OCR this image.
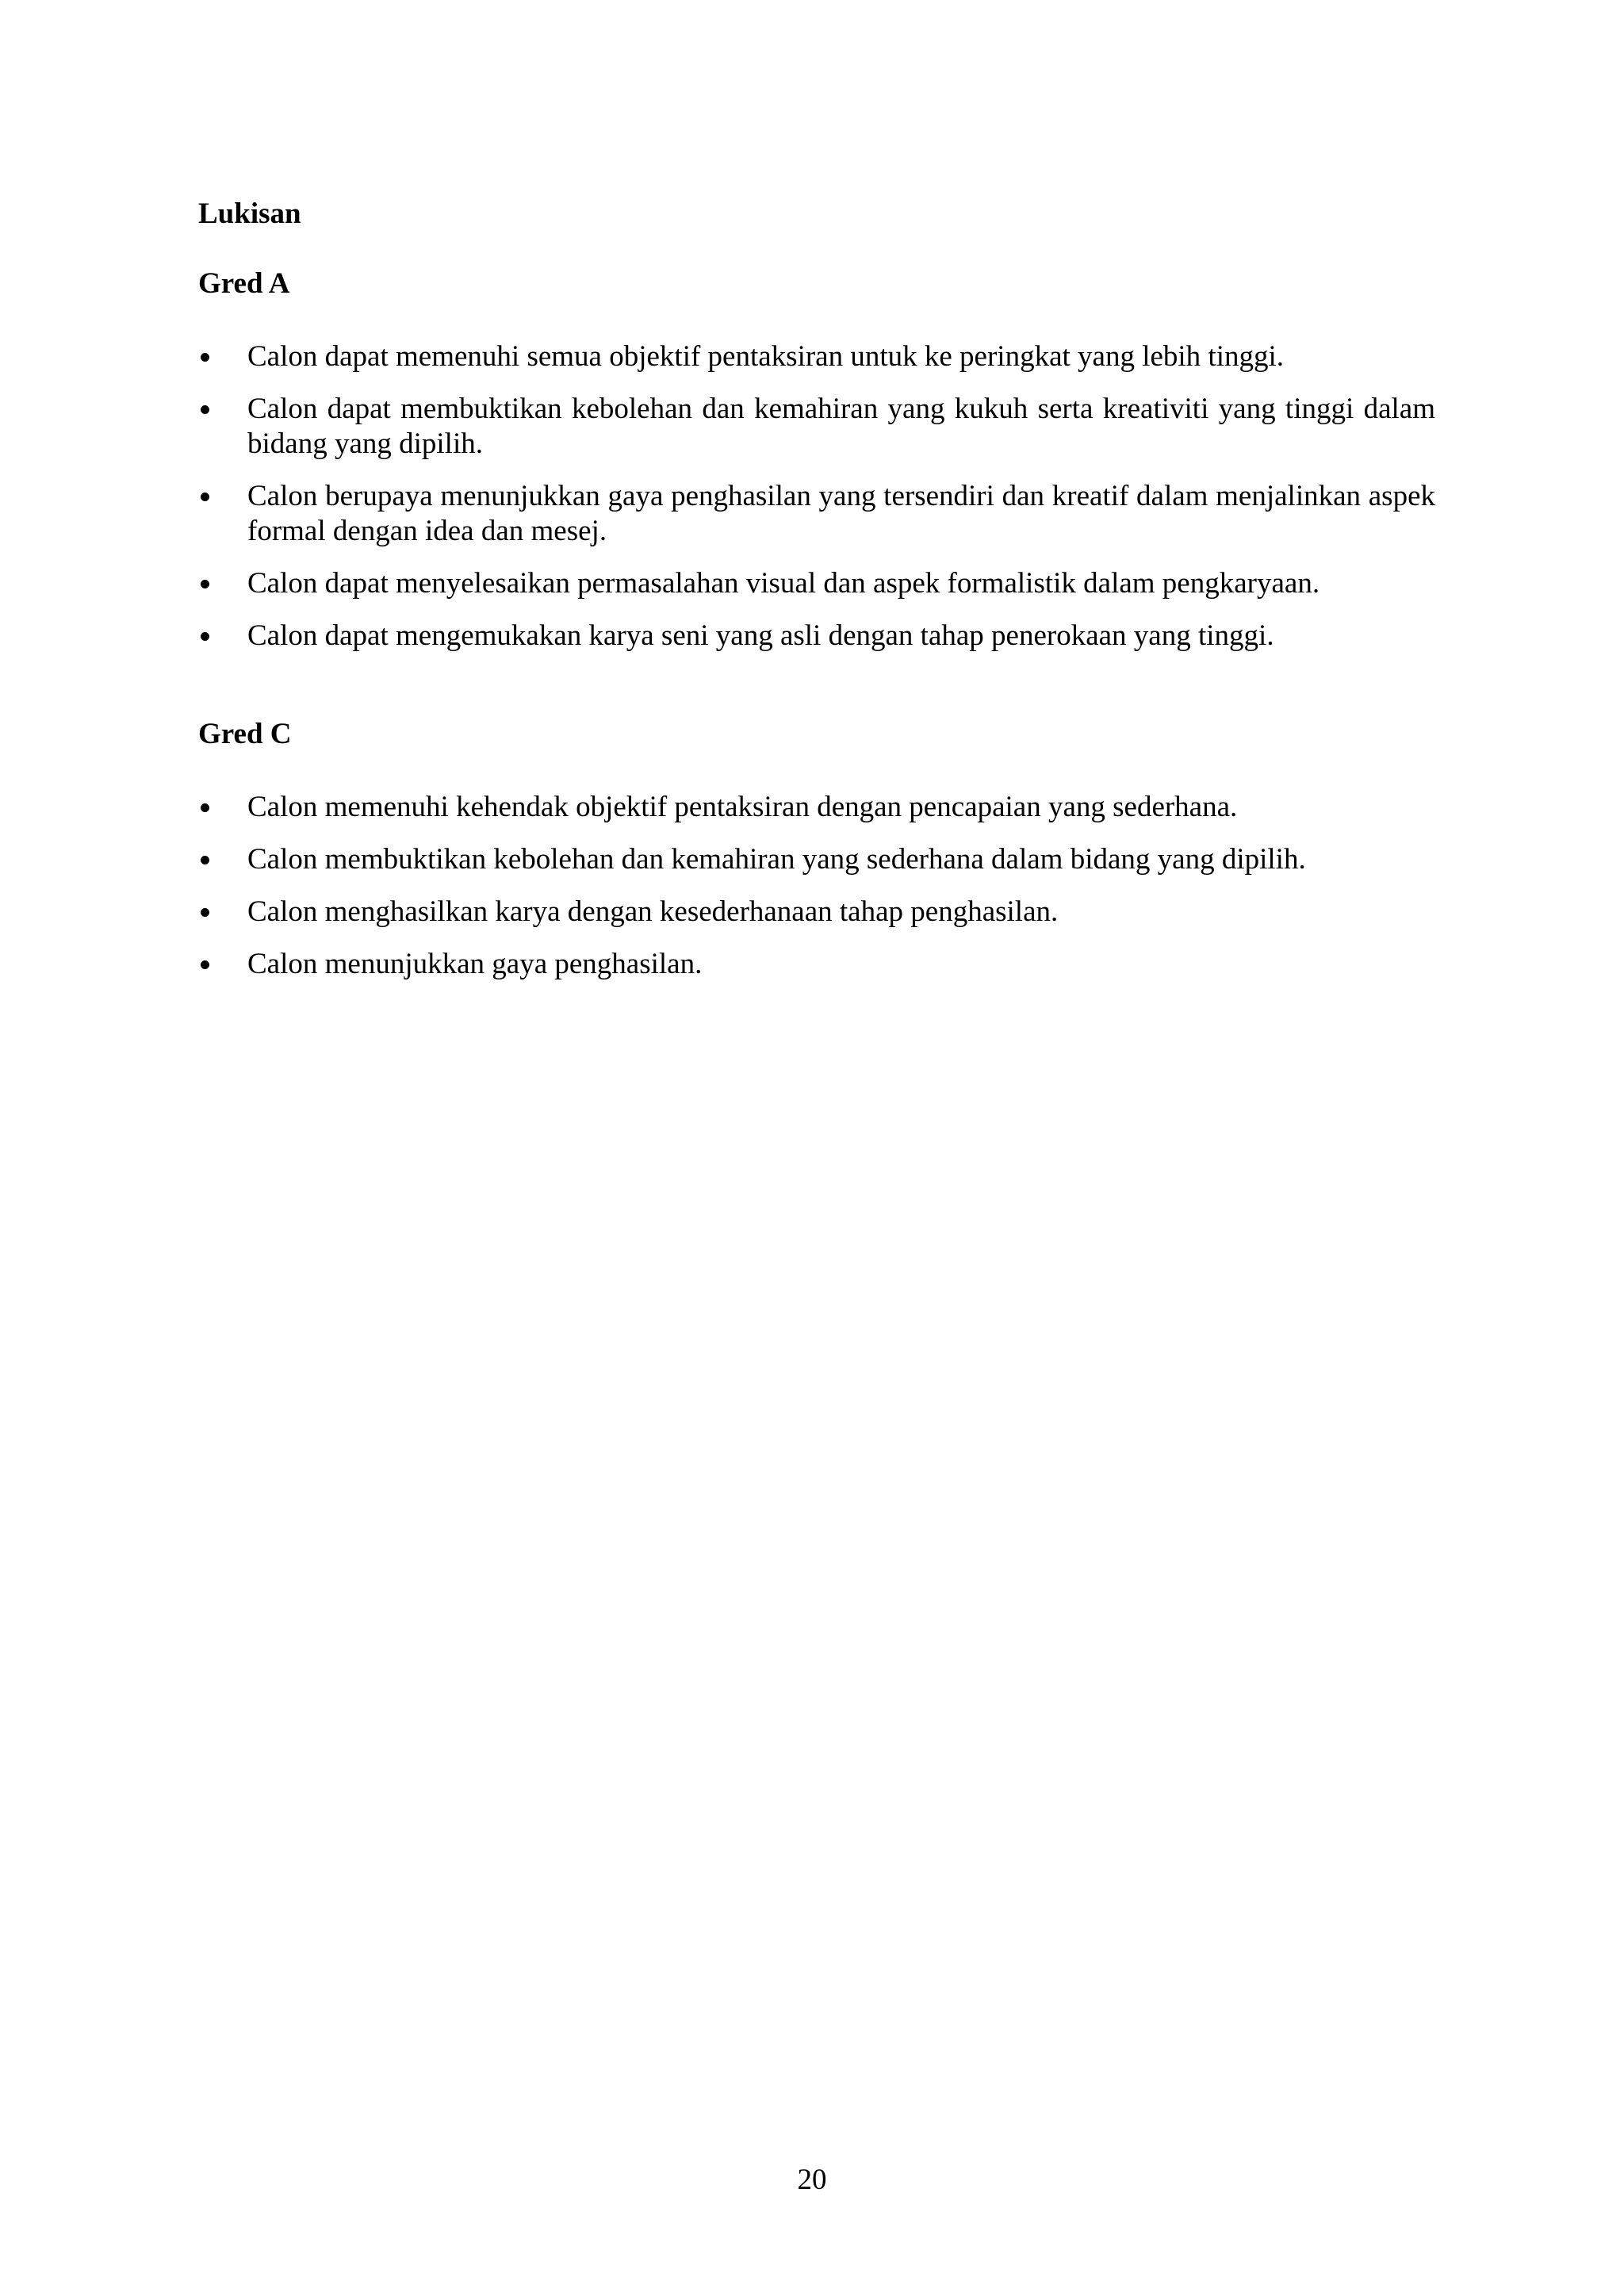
Lukisan
Gred A
Calon dapat memenuhi semua objektif pentaksiran untuk ke peringkat yang lebih tinggi.
Calon dapat membuktikan kebolehan dan kemahiran yang kukuh serta kreativiti yang tinggi dalam bidang yang dipilih.
Calon berupaya menunjukkan gaya penghasilan yang tersendiri dan kreatif dalam menjalinkan aspek formal dengan idea dan mesej.
Calon dapat menyelesaikan permasalahan visual dan aspek formalistik dalam pengkaryaan.
Calon dapat mengemukakan karya seni yang asli dengan tahap penerokaan yang tinggi.
Gred C
Calon memenuhi kehendak objektif pentaksiran dengan pencapaian yang sederhana.
Calon membuktikan kebolehan dan kemahiran yang sederhana dalam bidang yang dipilih.
Calon menghasilkan karya dengan kesederhanaan tahap penghasilan.
Calon menunjukkan gaya penghasilan.
20
